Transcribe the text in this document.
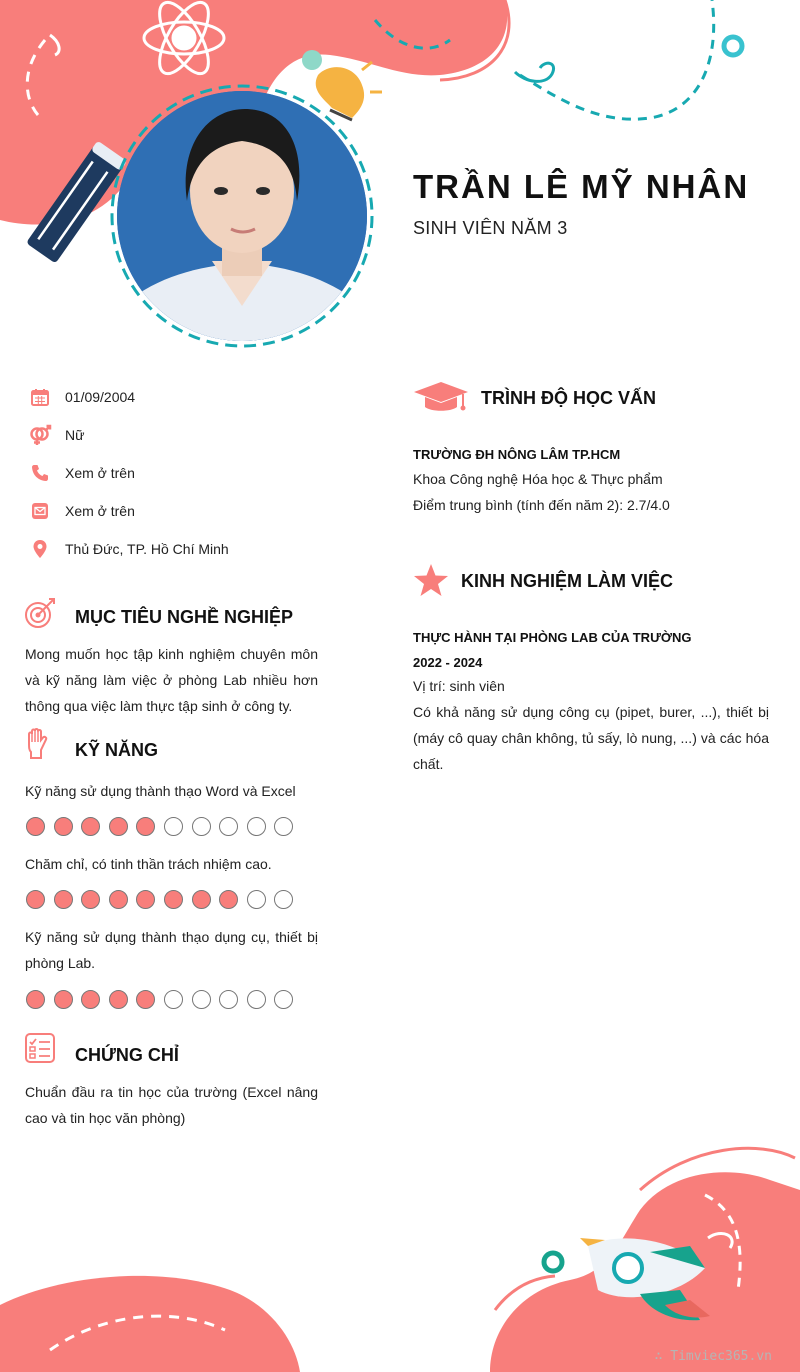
TRẦN LÊ MỸ NHÂN
SINH VIÊN NĂM 3
01/09/2004
Nữ
Xem ở trên
Xem ở trên
Thủ Đức, TP. Hồ Chí Minh
MỤC TIÊU NGHỀ NGHIỆP
Mong muốn học tập kinh nghiệm chuyên môn và kỹ năng làm việc ở phòng Lab nhiều hơn thông qua việc làm thực tập sinh ở công ty.
KỸ NĂNG
Kỹ năng sử dụng thành thạo Word và Excel
Chăm chỉ, có tinh thần trách nhiệm cao.
Kỹ năng sử dụng thành thạo dụng cụ, thiết bị phòng Lab.
CHỨNG CHỈ
Chuẩn đầu ra tin học của trường (Excel nâng cao và tin học văn phòng)
TRÌNH ĐỘ HỌC VẤN
TRƯỜNG ĐH NÔNG LÂM TP.HCM
Khoa Công nghệ Hóa học & Thực phẩm
Điểm trung bình (tính đến năm 2): 2.7/4.0
KINH NGHIỆM LÀM VIỆC
THỰC HÀNH TẠI PHÒNG LAB CỦA TRƯỜNG
2022 - 2024
Vị trí: sinh viên
Có khả năng sử dụng công cụ (pipet, burer, ...), thiết bị (máy cô quay chân không, tủ sấy, lò nung, ...) và các hóa chất.
∴ Timviec365.vn
